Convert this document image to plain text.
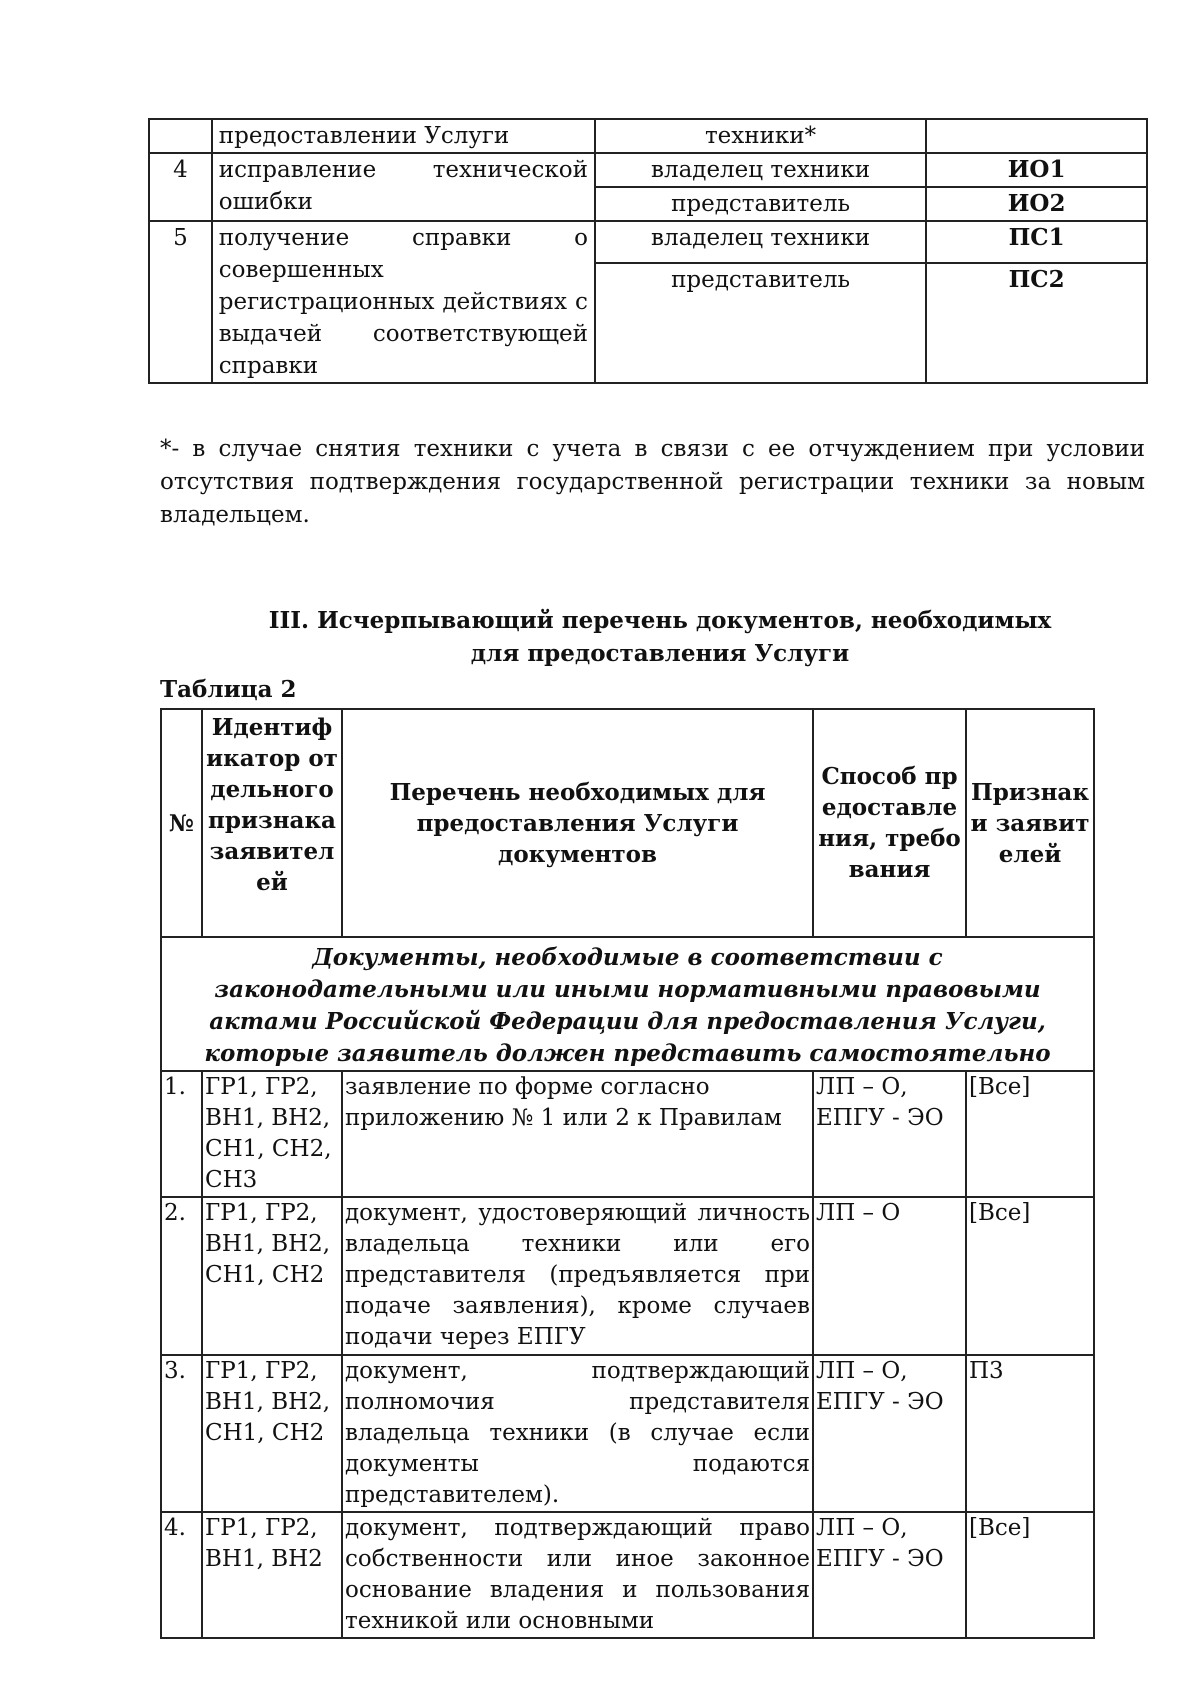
	предоставлении Услуги	техники*	
4	исправление технической ошибки	владелец техники	ИО1
		представитель	ИО2
5	получение справки о совершенных регистрационных действиях с выдачей соответствующей справки	владелец техники	ПС1
		представитель	ПС2

*- в случае снятия техники с учета в связи с ее отчуждением при условии отсутствия подтверждения государственной регистрации техники за новым владельцем.

III. Исчерпывающий перечень документов, необходимых
для предоставления Услуги
Таблица 2
№	Идентификатор отдельного признака заявителей	Перечень необходимых для предоставления Услуги документов	Способ предоставления, требования	Признаки заявителей
Документы, необходимые в соответствии с законодательными или иными нормативными правовыми актами Российской Федерации для предоставления Услуги, которые заявитель должен представить самостоятельно				
1.	ГР1, ГР2, ВН1, ВН2, СН1, СН2, СН3	заявление по форме согласно приложению № 1 или 2 к Правилам	ЛП – О, ЕПГУ - ЭО	[Все]
2.	ГР1, ГР2, ВН1, ВН2, СН1, СН2	документ, удостоверяющий личность владельца техники или его представителя (предъявляется при подаче заявления), кроме случаев подачи через ЕПГУ	ЛП – О	[Все]
3.	ГР1, ГР2, ВН1, ВН2, СН1, СН2	документ, подтверждающий полномочия представителя владельца техники (в случае если документы подаются представителем).	ЛП – О, ЕПГУ - ЭО	П3
4.	ГР1, ГР2, ВН1, ВН2	документ, подтверждающий право собственности или иное законное основание владения и пользования техникой или основными	ЛП – О, ЕПГУ - ЭО	[Все]
